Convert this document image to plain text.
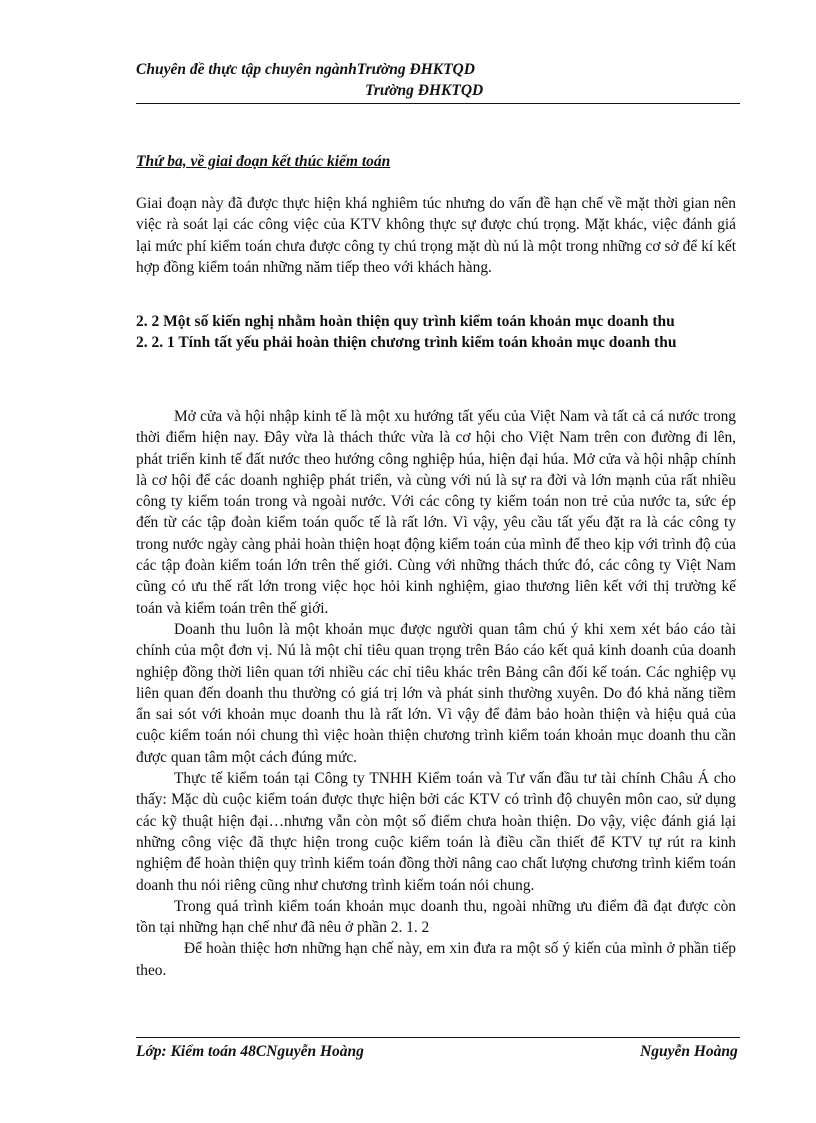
Chuyên đề thực tập chuyên ngànhTrường ĐHKTQD
Trường ĐHKTQD
Thứ ba, về giai đoạn kết thúc kiểm toán

Giai đoạn này đã được thực hiện khá nghiêm túc nhưng do vấn đề hạn chế về mặt thời gian nên việc rà soát lại các công việc của KTV không thực sự được chú trọng. Mặt khác, việc đánh giá lại mức phí kiểm toán chưa được công ty chú trọng mặt dù nú là một trong những cơ sở để kí kết hợp đồng kiểm toán những năm tiếp theo với khách hàng.

2. 2 Một số kiến nghị nhằm hoàn thiện quy trình kiểm toán khoản mục doanh thu
2. 2. 1 Tính tất yếu phải hoàn thiện chương trình kiểm toán khoản mục doanh thu

Mở cửa và hội nhập kinh tế là một xu hướng tất yếu của Việt Nam và tất cả cá nước trong thời điểm hiện nay. Đây vừa là thách thức vừa là cơ hội cho Việt Nam trên con đường đi lên, phát triển kinh tế đất nước theo hướng công nghiệp húa, hiện đại húa. Mở cửa và hội nhập chính là cơ hội để các doanh nghiệp phát triển, và cùng với nú là sự ra đời và lớn mạnh của rất nhiều công ty kiểm toán trong và ngoài nước. Với các công ty kiểm toán non trẻ của nước ta, sức ép đến từ các tập đoàn kiểm toán quốc tế là rất lớn. Vì vậy, yêu cầu tất yếu đặt ra là các công ty trong nước ngày càng phải hoàn thiện hoạt động kiểm toán của mình để theo kịp với trình độ của các tập đoàn kiểm toán lớn trên thế giới. Cùng với những thách thức đó, các công ty Việt Nam cũng có ưu thế rất lớn trong việc học hỏi kinh nghiệm, giao thương liên kết với thị trường kế toán và kiểm toán trên thế giới.

Doanh thu luôn là một khoản mục được người quan tâm chú ý khi xem xét báo cáo tài chính của một đơn vị. Nú là một chỉ tiêu quan trọng trên Báo cáo kết quả kinh doanh của doanh nghiệp đồng thời liên quan tới nhiều các chỉ tiêu khác trên Bảng cân đối kế toán. Các nghiệp vụ liên quan đến doanh thu thường có giá trị lớn và phát sinh thường xuyên. Do đó khả năng tiềm ẩn sai sót với khoản mục doanh thu là rất lớn. Vì vậy để đảm bảo hoàn thiện và hiệu quả của cuộc kiểm toán nói chung thì việc hoàn thiện chương trình kiểm toán khoản mục doanh thu cần được quan tâm một cách đúng mức.

Thực tế kiểm toán tại Công ty TNHH Kiểm toán và Tư vấn đầu tư tài chính Châu Á cho thấy: Mặc dù cuộc kiểm toán được thực hiện bởi các KTV có trình độ chuyên môn cao, sử dụng các kỹ thuật hiện đại…nhưng vẫn còn một số điểm chưa hoàn thiện. Do vậy, việc đánh giá lại những công việc đã thực hiện trong cuộc kiểm toán là điều cần thiết để KTV tự rút ra kinh nghiệm để hoàn thiện quy trình kiểm toán đồng thời nâng cao chất lượng chương trình kiểm toán doanh thu nói riêng cũng như chương trình kiểm toán nói chung.

Trong quá trình kiểm toán khoản mục doanh thu, ngoài những ưu điểm đã đạt được còn tồn tại những hạn chế như đã nêu ở phần 2. 1. 2

Để hoàn thiệc hơn những hạn chế này, em xin đưa ra một số ý kiến của mình ở phần tiếp theo.

Lớp: Kiểm toán 48CNguyễn Hoàng	Nguyễn Hoàng
